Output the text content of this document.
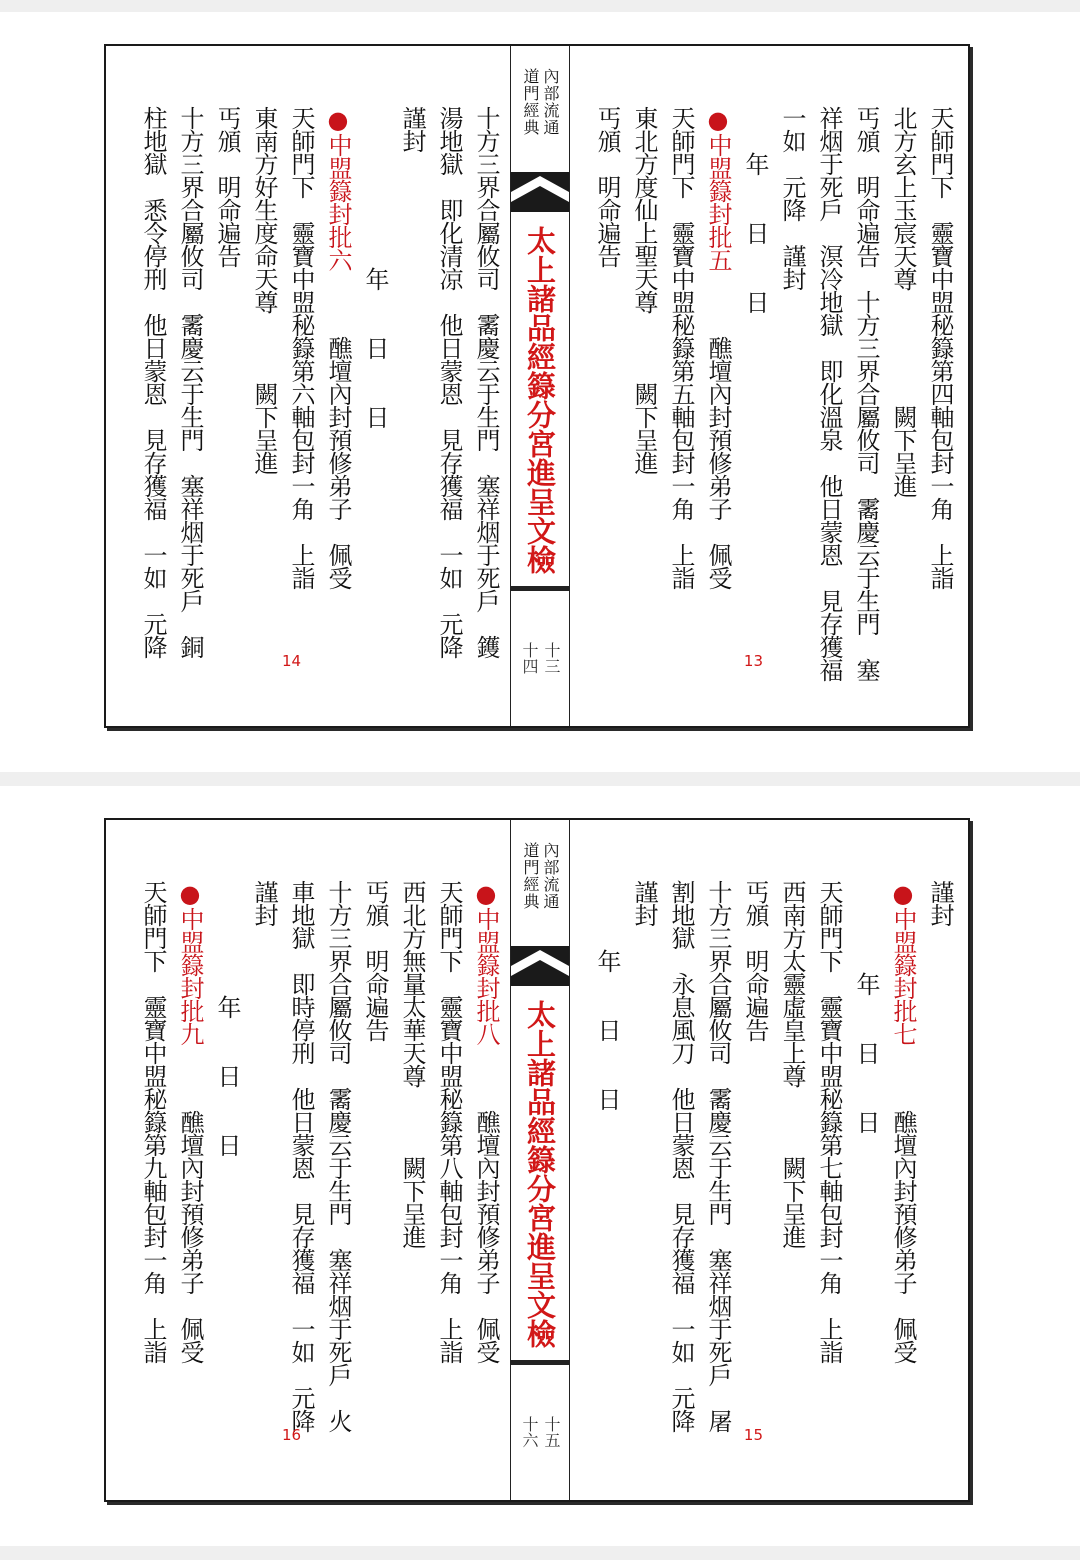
天師門下　靈寶中盟秘籙第四軸包封一角　上詣
北方玄上玉宸天尊　　　　　闕下呈進
丐頒　明命遍告　十方三界合屬攸司　霱慶云于生門　塞
祥烟于死戶　溟冷地獄　即化溫泉　他日蒙恩　見存獲福
一如　元降　謹封
　　年　　日　　日
●中盟籙封批五
　　　醮壇內封預修弟子　佩受
天師門下　靈寶中盟秘籙第五軸包封一角　上詣
東北方度仙上聖天尊　　　闕下呈進
丐頒　明命遍告
13
道門經典內部流通
太上諸品經籙分宮進呈文檢
十四 十三
十方三界合屬攸司　霱慶云于生門　塞祥烟于死戶　鑊
湯地獄　即化清凉　他日蒙恩　見存獲福　一如　元降
謹封
　　　　　　　年　　日　　日
●中盟籙封批六
　　　醮壇內封預修弟子　佩受
天師門下　靈寶中盟秘籙第六軸包封一角　上詣
東南方好生度命天尊　　　闕下呈進
丐頒　明命遍告
十方三界合屬攸司　霱慶云于生門　塞祥烟于死戶　銅
柱地獄　悉令停刑　他日蒙恩　見存獲福　一如　元降
14
謹封
●中盟籙封批七
　　　醮壇內封預修弟子　佩受
　　　　年　　日　　日
天師門下　靈寶中盟秘籙第七軸包封一角　上詣
西南方太靈虛皇上尊　　　闕下呈進
丐頒　明命遍告
十方三界合屬攸司　霱慶云于生門　塞祥烟于死戶　屠
割地獄　永息風刀　他日蒙恩　見存獲福　一如　元降
謹封
　　　年　　日　　日
15
道門經典內部流通
太上諸品經籙分宮進呈文檢
十六 十五
●中盟籙封批八
　　　醮壇內封預修弟子　佩受
天師門下　靈寶中盟秘籙第八軸包封一角　上詣
西北方無量太華天尊　　　闕下呈進
丐頒　明命遍告
十方三界合屬攸司　霱慶云于生門　塞祥烟于死戶　火
車地獄　即時停刑　他日蒙恩　見存獲福　一如　元降
謹封
　　　　　年　　日　　日
●中盟籙封批九
　　　醮壇內封預修弟子　佩受
天師門下　靈寶中盟秘籙第九軸包封一角　上詣
16
